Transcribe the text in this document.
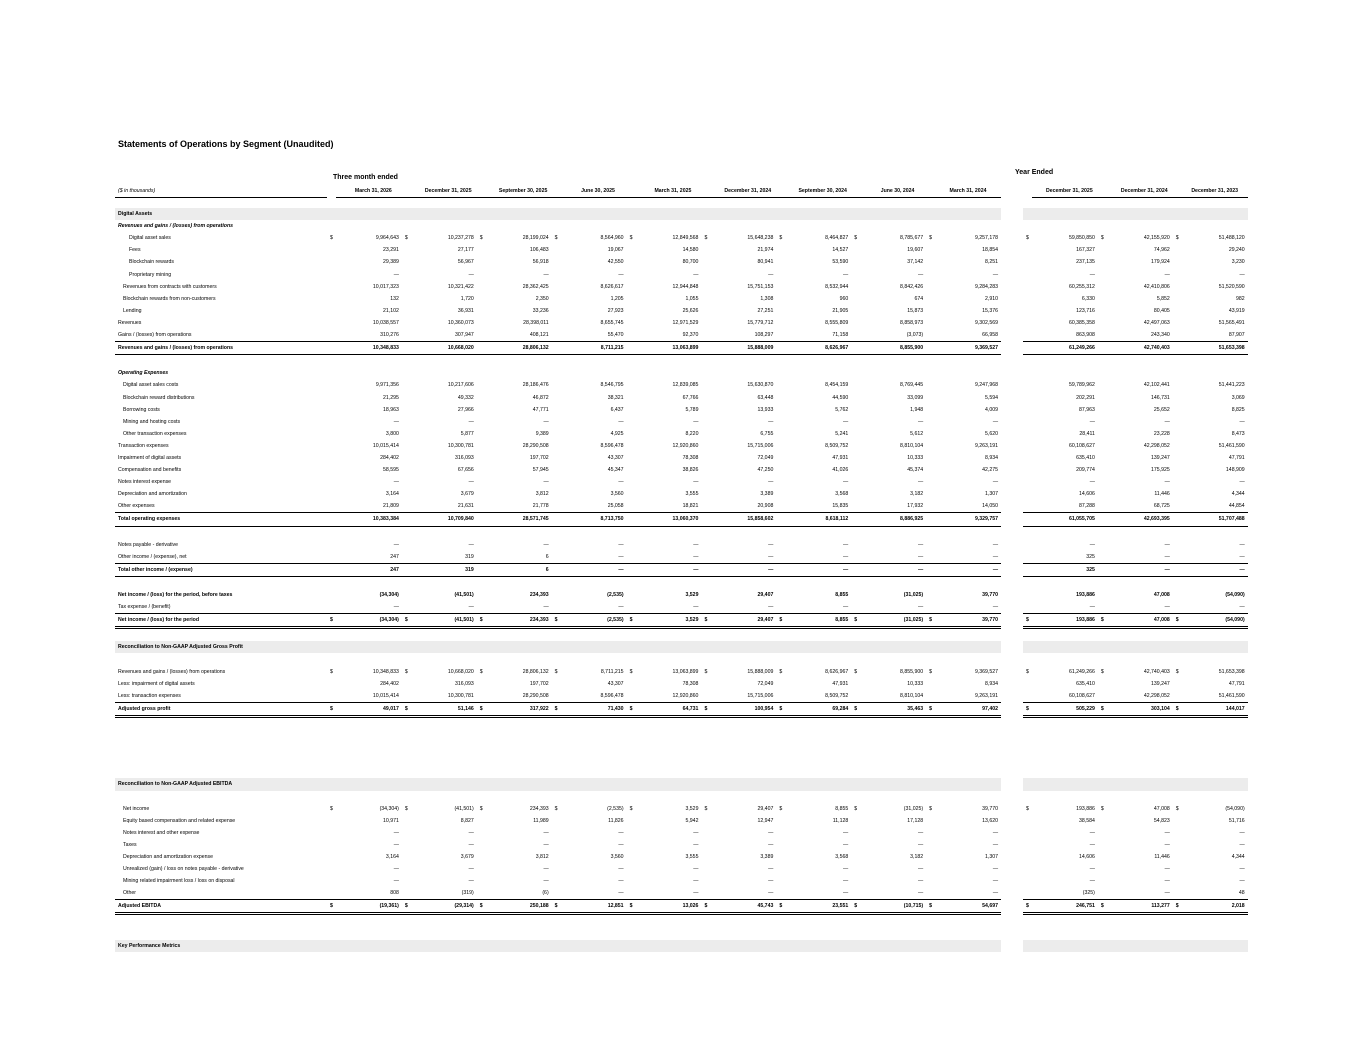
Statements of Operations by Segment (Unaudited)
Three month ended
Year Ended
($ in thousands)		March 31, 2026		December 31, 2025		September 30, 2025		June 30, 2025		March 31, 2025		December 31, 2024		September 30, 2024		June 30, 2024		March 31, 2024			December 31, 2025		December 31, 2024		December 31, 2023

Digital Assets																									
Revenues and gains / (losses) from operations																									
Digital asset sales	$	9,964,643	$	10,237,278	$	28,199,024	$	8,564,960	$	12,849,568	$	15,648,238	$	8,464,827	$	8,785,677	$	9,257,178		$	59,850,850	$	42,155,920	$	51,488,120
Fees		23,291		27,177		106,483		19,067		14,580		21,974		14,527		19,607		18,854			167,327		74,962		29,240
Blockchain rewards		29,389		56,967		56,918		42,550		80,700		80,941		53,590		37,142		8,251			237,135		179,924		3,230
Proprietary mining		—		—		—		—		—		—		—		—		—			—		—		—
Revenues from contracts with customers		10,017,323		10,321,422		28,362,425		8,626,617		12,944,848		15,751,153		8,532,944		8,842,426		9,284,283			60,255,312		42,410,806		51,520,590
Blockchain rewards from non-customers		132		1,720		2,350		1,205		1,055		1,308		960		674		2,910			6,330		5,852		982
Lending		21,102		36,931		33,236		27,923		25,626		27,251		21,905		15,873		15,376			123,716		80,405		43,919
Revenues		10,038,557		10,360,073		28,398,011		8,655,745		12,971,529		15,779,712		8,555,809		8,858,973		9,302,569			60,385,358		42,497,063		51,565,491
Gains / (losses) from operations		310,276		307,947		408,121		55,470		92,370		108,297		71,158		(3,073)		66,958			863,908		243,340		87,907
Revenues and gains / (losses) from operations		10,348,833		10,668,020		28,806,132		8,711,215		13,063,899		15,888,009		8,626,967		8,855,900		9,369,527			61,249,266		42,740,403		51,653,398

Operating Expenses																									
Digital asset sales costs		9,971,356		10,217,606		28,186,476		8,546,795		12,839,085		15,630,870		8,454,159		8,769,445		9,247,968			59,789,962		42,102,441		51,441,223
Blockchain reward distributions		21,295		49,332		46,872		38,321		67,766		63,448		44,590		33,099		5,594			202,291		146,731		3,069
Borrowing costs		18,963		27,966		47,771		6,437		5,789		13,933		5,762		1,948		4,009			87,963		25,652		8,825
Mining and hosting costs		—		—		—		—		—		—		—		—		—			—		—		—
Other transaction expenses		3,800		5,877		9,389		4,925		8,220		6,755		5,241		5,612		5,620			28,411		23,228		8,473
Transaction expenses		10,015,414		10,300,781		28,290,508		8,596,478		12,920,860		15,715,006		8,509,752		8,810,104		9,263,191			60,108,627		42,298,052		51,461,590
Impairment of digital assets		284,402		316,093		197,702		43,307		78,308		72,049		47,931		10,333		8,934			635,410		139,247		47,791
Compensation and benefits		58,595		67,656		57,945		45,347		38,826		47,250		41,026		45,374		42,275			209,774		175,925		148,909
Notes interest expense		—		—		—		—		—		—		—		—		—			—		—		—
Depreciation and amortization		3,164		3,679		3,812		3,560		3,555		3,389		3,568		3,182		1,307			14,606		11,446		4,344
Other expenses		21,809		21,631		21,778		25,058		18,821		20,908		15,835		17,932		14,050			87,288		68,725		44,854
Total operating expenses		10,383,384		10,709,840		28,571,745		8,713,750		13,060,370		15,858,602		8,618,112		8,886,925		9,329,757			61,055,705		42,693,395		51,707,488

Notes payable - derivative		—		—		—		—		—		—		—		—		—			—		—		—
Other income / (expense), net		247		319		6		—		—		—		—		—		—			325		—		—
Total other income / (expense)		247		319		6		—		—		—		—		—		—			325		—		—

Net income / (loss) for the period, before taxes		(34,304)		(41,501)		234,393		(2,535)		3,529		29,407		8,855		(31,025)		39,770			193,886		47,008		(54,090)
Tax expense / (benefit)		—		—		—		—		—		—		—		—		—			—		—		—
Net income / (loss) for the period	$	(34,304)	$	(41,501)	$	234,393	$	(2,535)	$	3,529	$	29,407	$	8,855	$	(31,025)	$	39,770		$	193,886	$	47,008	$	(54,090)

Reconciliation to Non-GAAP Adjusted Gross Profit																									

Revenues and gains / (losses) from operations	$	10,348,833	$	10,668,020	$	28,806,132	$	8,711,215	$	13,063,899	$	15,888,009	$	8,626,967	$	8,855,900	$	9,369,527		$	61,249,266	$	42,740,403	$	51,653,398
Less: impairment of digital assets		284,402		316,093		197,702		43,307		78,308		72,049		47,931		10,333		8,934			635,410		139,247		47,791
Less: transaction expenses		10,015,414		10,300,781		28,290,508		8,596,478		12,920,860		15,715,006		8,509,752		8,810,104		9,263,191			60,108,627		42,298,052		51,461,590
Adjusted gross profit	$	49,017	$	51,146	$	317,922	$	71,430	$	64,731	$	100,954	$	69,284	$	35,463	$	97,402		$	505,229	$	303,104	$	144,017

Reconciliation to Non-GAAP Adjusted EBITDA																									

Net income	$	(34,304)	$	(41,501)	$	234,393	$	(2,535)	$	3,529	$	29,407	$	8,855	$	(31,025)	$	39,770		$	193,886	$	47,008	$	(54,090)
Equity based compensation and related expense		10,971		8,827		11,989		11,826		5,942		12,947		11,128		17,128		13,620			38,584		54,823		51,716
Notes interest and other expense		—		—		—		—		—		—		—		—		—			—		—		—
Taxes		—		—		—		—		—		—		—		—		—			—		—		—
Depreciation and amortization expense		3,164		3,679		3,812		3,560		3,555		3,389		3,568		3,182		1,307			14,606		11,446		4,344
Unrealized (gain) / loss on notes payable - derivative		—		—		—		—		—		—		—		—		—			—		—		—
Mining related impairment loss / loss on disposal		—		—		—		—		—		—		—		—		—			—		—		—
Other		808		(319)		(6)		—		—		—		—		—		—			(325)		—		48
Adjusted EBITDA	$	(19,361)	$	(29,314)	$	250,188	$	12,851	$	13,026	$	45,743	$	23,551	$	(10,715)	$	54,697		$	246,751	$	113,277	$	2,018

Key Performance Metrics																									
